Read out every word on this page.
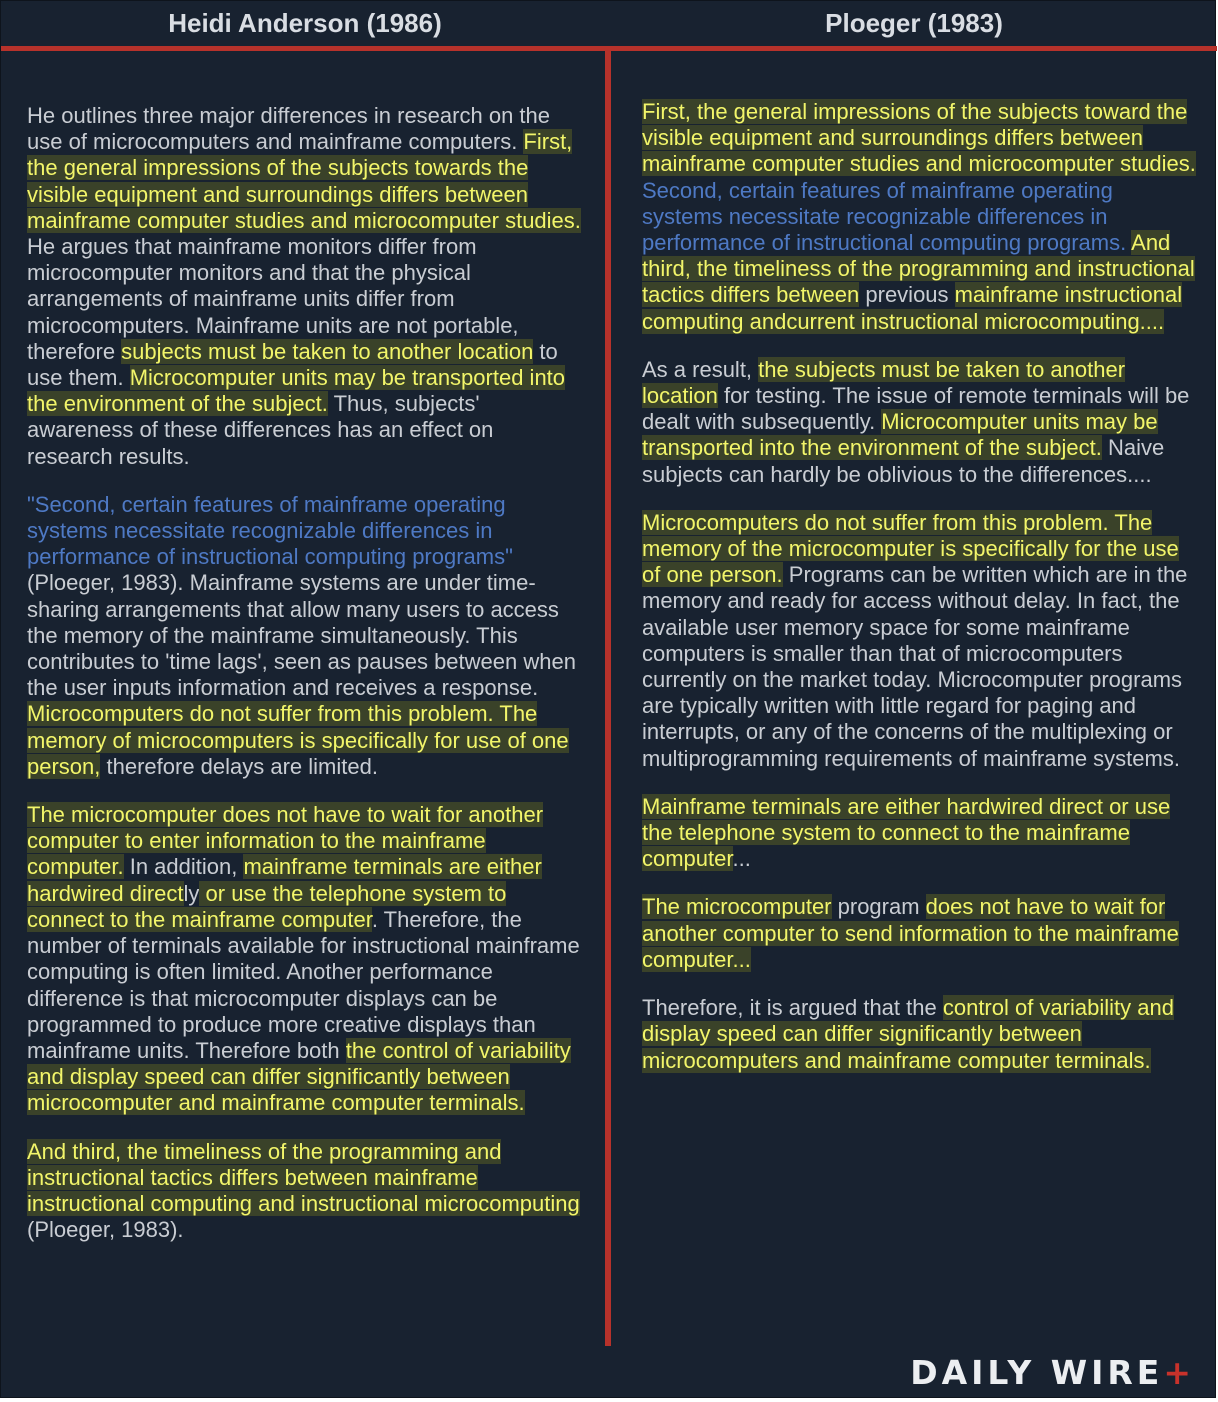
Heidi Anderson (1986)	Ploeger (1983)

He outlines three major differences in research on the use of microcomputers and mainframe computers. First, the general impressions of the subjects towards the visible equipment and surroundings differs between mainframe computer studies and microcomputer studies. He argues that mainframe monitors differ from microcomputer monitors and that the physical arrangements of mainframe units differ from microcomputers. Mainframe units are not portable, therefore subjects must be taken to another location to use them. Microcomputer units may be transported into the environment of the subject. Thus, subjects' awareness of these differences has an effect on research results.

"Second, certain features of mainframe operating systems necessitate recognizable differences in performance of instructional computing programs" (Ploeger, 1983). Mainframe systems are under time-sharing arrangements that allow many users to access the memory of the mainframe simultaneously. This contributes to 'time lags', seen as pauses between when the user inputs information and receives a response. Microcomputers do not suffer from this problem. The memory of microcomputers is specifically for use of one person, therefore delays are limited.

The microcomputer does not have to wait for another computer to enter information to the mainframe computer. In addition, mainframe terminals are either hardwired directly or use the telephone system to connect to the mainframe computer. Therefore, the number of terminals available for instructional mainframe computing is often limited. Another performance difference is that microcomputer displays can be programmed to produce more creative displays than mainframe units. Therefore both the control of variability and display speed can differ significantly between microcomputer and mainframe computer terminals.

And third, the timeliness of the programming and instructional tactics differs between mainframe instructional computing and instructional microcomputing (Ploeger, 1983).

First, the general impressions of the subjects toward the visible equipment and surroundings differs between mainframe computer studies and microcomputer studies. Second, certain features of mainframe operating systems necessitate recognizable differences in performance of instructional computing programs. And third, the timeliness of the programming and instructional tactics differs between previous mainframe instructional computing andcurrent instructional microcomputing....

As a result, the subjects must be taken to another location for testing. The issue of remote terminals will be dealt with subsequently. Microcomputer units may be transported into the environment of the subject. Naive subjects can hardly be oblivious to the differences....

Microcomputers do not suffer from this problem. The memory of the microcomputer is specifically for the use of one person. Programs can be written which are in the memory and ready for access without delay. In fact, the available user memory space for some mainframe computers is smaller than that of microcomputers currently on the market today. Microcomputer programs are typically written with little regard for paging and interrupts, or any of the concerns of the multiplexing or multiprogramming requirements of mainframe systems.

Mainframe terminals are either hardwired direct or use the telephone system to connect to the mainframe computer...

The microcomputer program does not have to wait for another computer to send information to the mainframe computer...

Therefore, it is argued that the control of variability and display speed can differ significantly between microcomputers and mainframe computer terminals.

DAILY WIRE+
